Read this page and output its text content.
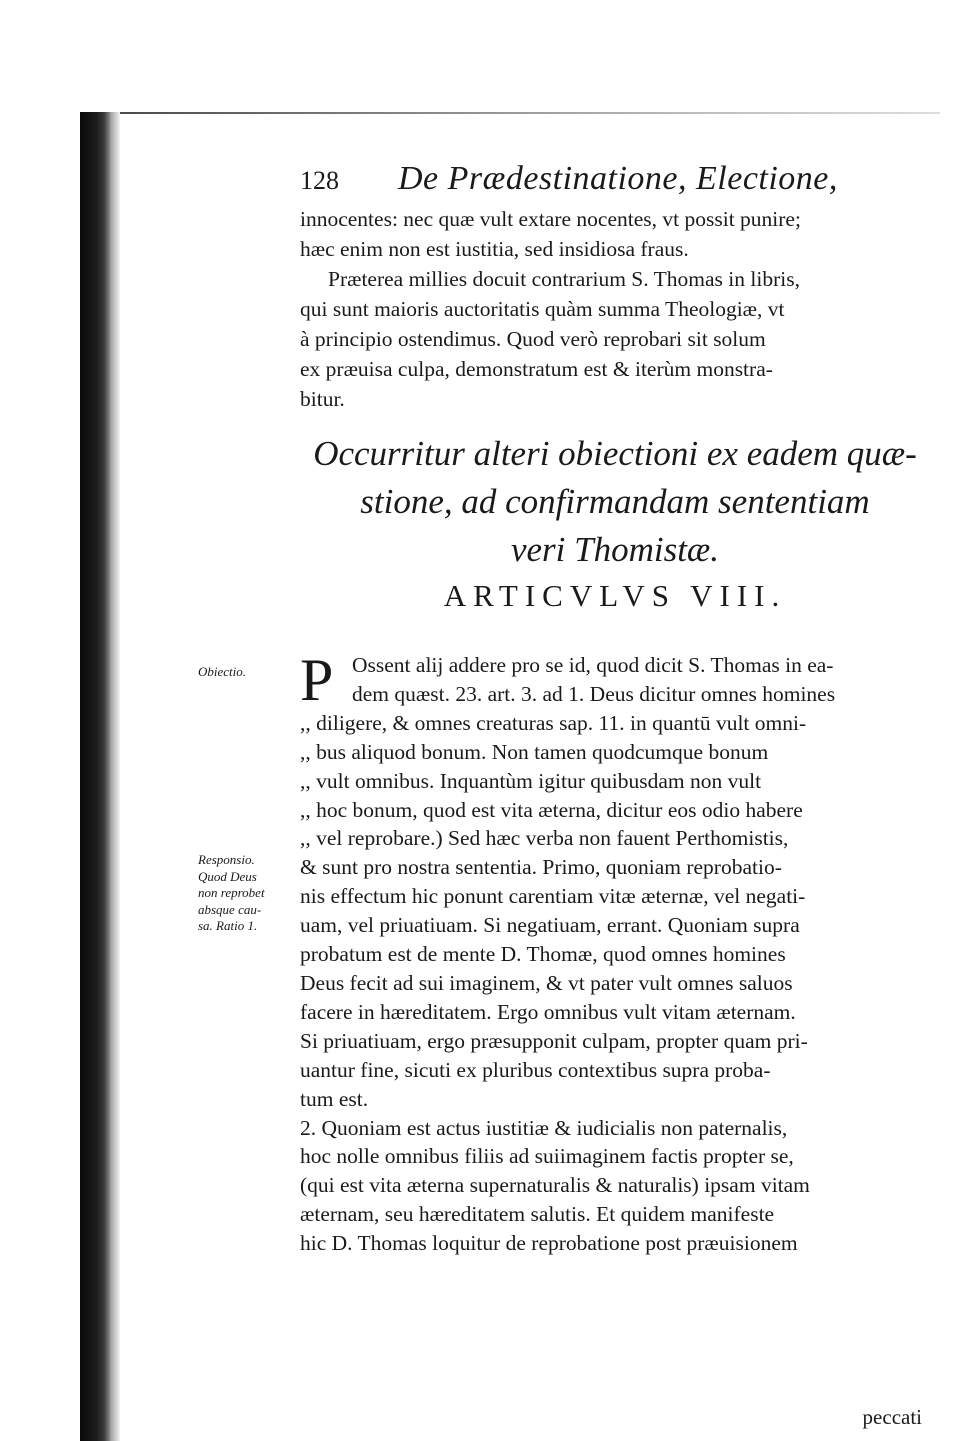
128	De Prædestinatione, Electione,
innocentes: nec quæ vult extare nocentes, vt possit punire;
hæc enim non est iustitia, sed insidiosa fraus.
Præterea millies docuit contrarium S. Thomas in libris,
qui sunt maioris auctoritatis quàm summa Theologiæ, vt
à principio ostendimus. Quod verò reprobari sit solum
ex præuisa culpa, demonstratum est & iterùm monstra-
bitur.
Occurritur alteri obiectioni ex eadem quæ-
stione, ad confirmandam sententiam
veri Thomistæ.
ARTICVLVS VIII.
Obiectio.
Responsio.
Quod Deus
non reprobet
absque cau-
sa. Ratio 1.
P Ossent alij addere pro se id, quod dicit S. Thomas in ea-
dem quæst. 23. art. 3. ad 1. Deus dicitur omnes homines
,, diligere, & omnes creaturas sap. 11. in quantū vult omni-
,, bus aliquod bonum. Non tamen quodcumque bonum
,, vult omnibus. Inquantùm igitur quibusdam non vult
,, hoc bonum, quod est vita æterna, dicitur eos odio habere
,, vel reprobare.) Sed hæc verba non fauent Perthomistis,
& sunt pro nostra sententia. Primo, quoniam reprobatio-
nis effectum hic ponunt carentiam vitæ æternæ, vel negati-
uam, vel priuatiuam. Si negatiuam, errant. Quoniam supra
probatum est de mente D. Thomæ, quod omnes homines
Deus fecit ad sui imaginem, & vt pater vult omnes saluos
facere in hæreditatem. Ergo omnibus vult vitam æternam.
Si priuatiuam, ergo præsupponit culpam, propter quam pri-
uantur fine, sicuti ex pluribus contextibus supra proba-
tum est.
2. Quoniam est actus iustitiæ & iudicialis non paternalis,
hoc nolle omnibus filiis ad suiimaginem factis propter se,
(qui est vita æterna supernaturalis & naturalis) ipsam vitam
æternam, seu hæreditatem salutis. Et quidem manifeste
hic D. Thomas loquitur de reprobatione post præuisionem
peccati
